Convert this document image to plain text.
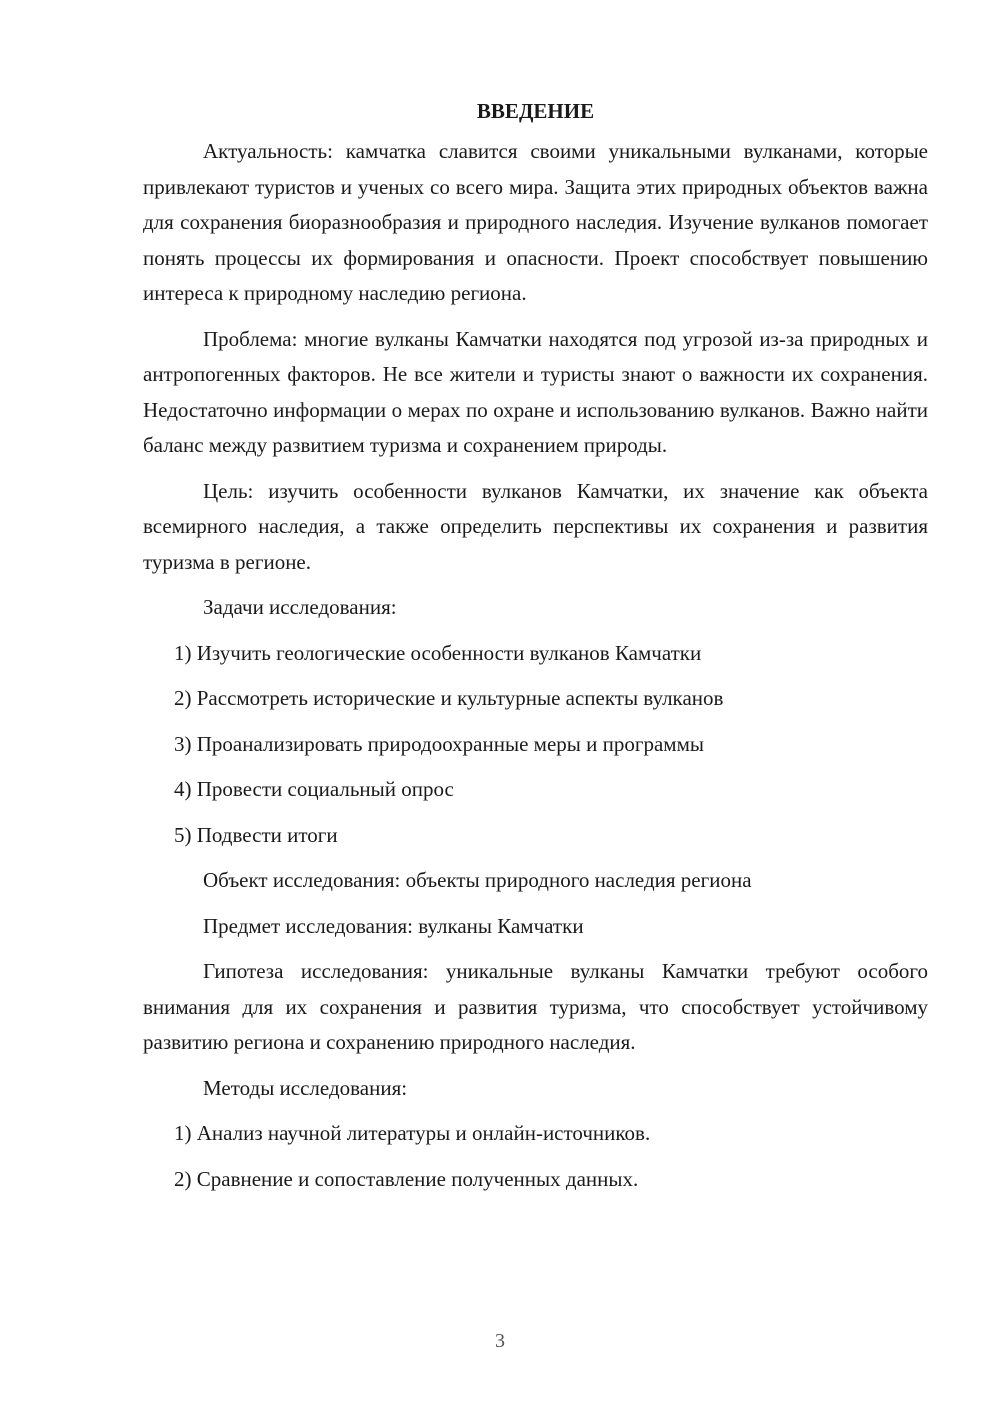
ВВЕДЕНИЕ

Актуальность: камчатка славится своими уникальными вулканами, которые привлекают туристов и ученых со всего мира. Защита этих природных объектов важна для сохранения биоразнообразия и природного наследия. Изучение вулканов помогает понять процессы их формирования и опасности. Проект способствует повышению интереса к природному наследию региона.

Проблема: многие вулканы Камчатки находятся под угрозой из-за природных и антропогенных факторов. Не все жители и туристы знают о важности их сохранения. Недостаточно информации о мерах по охране и использованию вулканов. Важно найти баланс между развитием туризма и сохранением природы.

Цель: изучить особенности вулканов Камчатки, их значение как объекта всемирного наследия, а также определить перспективы их сохранения и развития туризма в регионе.

Задачи исследования:
1) Изучить геологические особенности вулканов Камчатки
2) Рассмотреть исторические и культурные аспекты вулканов
3) Проанализировать природоохранные меры и программы
4) Провести социальный опрос
5) Подвести итоги
Объект исследования: объекты природного наследия региона
Предмет исследования: вулканы Камчатки

Гипотеза исследования: уникальные вулканы Камчатки требуют особого внимания для их сохранения и развития туризма, что способствует устойчивому развитию региона и сохранению природного наследия.

Методы исследования:
1) Анализ научной литературы и онлайн-источников.
2) Сравнение и сопоставление полученных данных.
3
